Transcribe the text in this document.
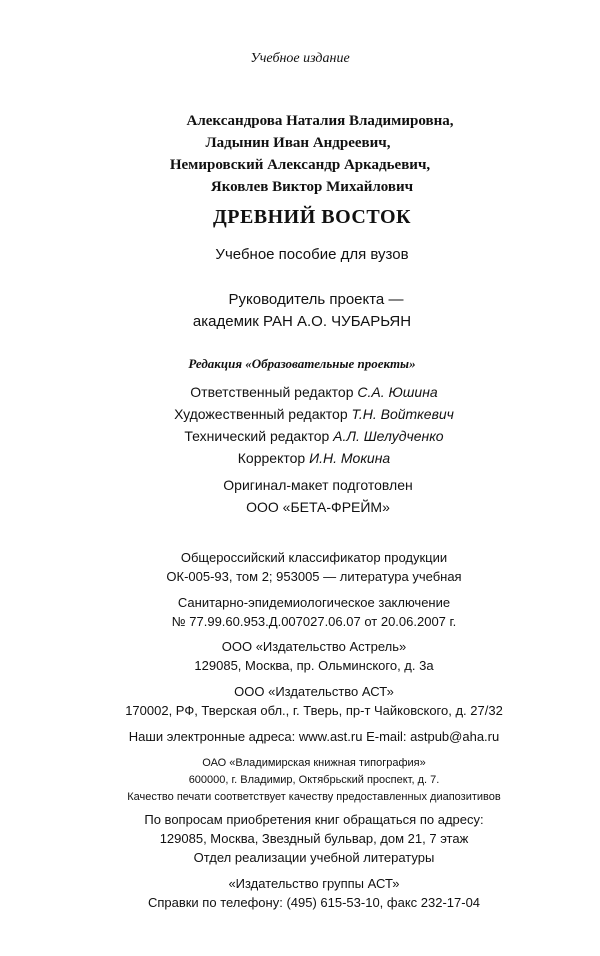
Учебное издание
Александрова Наталия Владимировна,
Ладынин Иван Андреевич,
Немировский Александр Аркадьевич,
Яковлев Виктор Михайлович
ДРЕВНИЙ ВОСТОК
Учебное пособие для вузов
Руководитель проекта —
академик РАН А.О. ЧУБАРЬЯН
Редакция «Образовательные проекты»
Ответственный редактор С.А. Юшина
Художественный редактор Т.Н. Войткевич
Технический редактор А.Л. Шелудченко
Корректор И.Н. Мокина
Оригинал-макет подготовлен
ООО «БЕТА-ФРЕЙМ»
Общероссийский классификатор продукции
ОК-005-93, том 2; 953005 — литература учебная
Санитарно-эпидемиологическое заключение
№ 77.99.60.953.Д.007027.06.07 от 20.06.2007 г.
ООО «Издательство Астрель»
129085, Москва, пр. Ольминского, д. 3а
ООО «Издательство АСТ»
170002, РФ, Тверская обл., г. Тверь, пр-т Чайковского, д. 27/32
Наши электронные адреса: www.ast.ru E-mail: astpub@aha.ru
ОАО «Владимирская книжная типография»
600000, г. Владимир, Октябрьский проспект, д. 7.
Качество печати соответствует качеству предоставленных диапозитивов
По вопросам приобретения книг обращаться по адресу:
129085, Москва, Звездный бульвар, дом 21, 7 этаж
Отдел реализации учебной литературы
«Издательство группы АСТ»
Справки по телефону: (495) 615-53-10, факс 232-17-04
